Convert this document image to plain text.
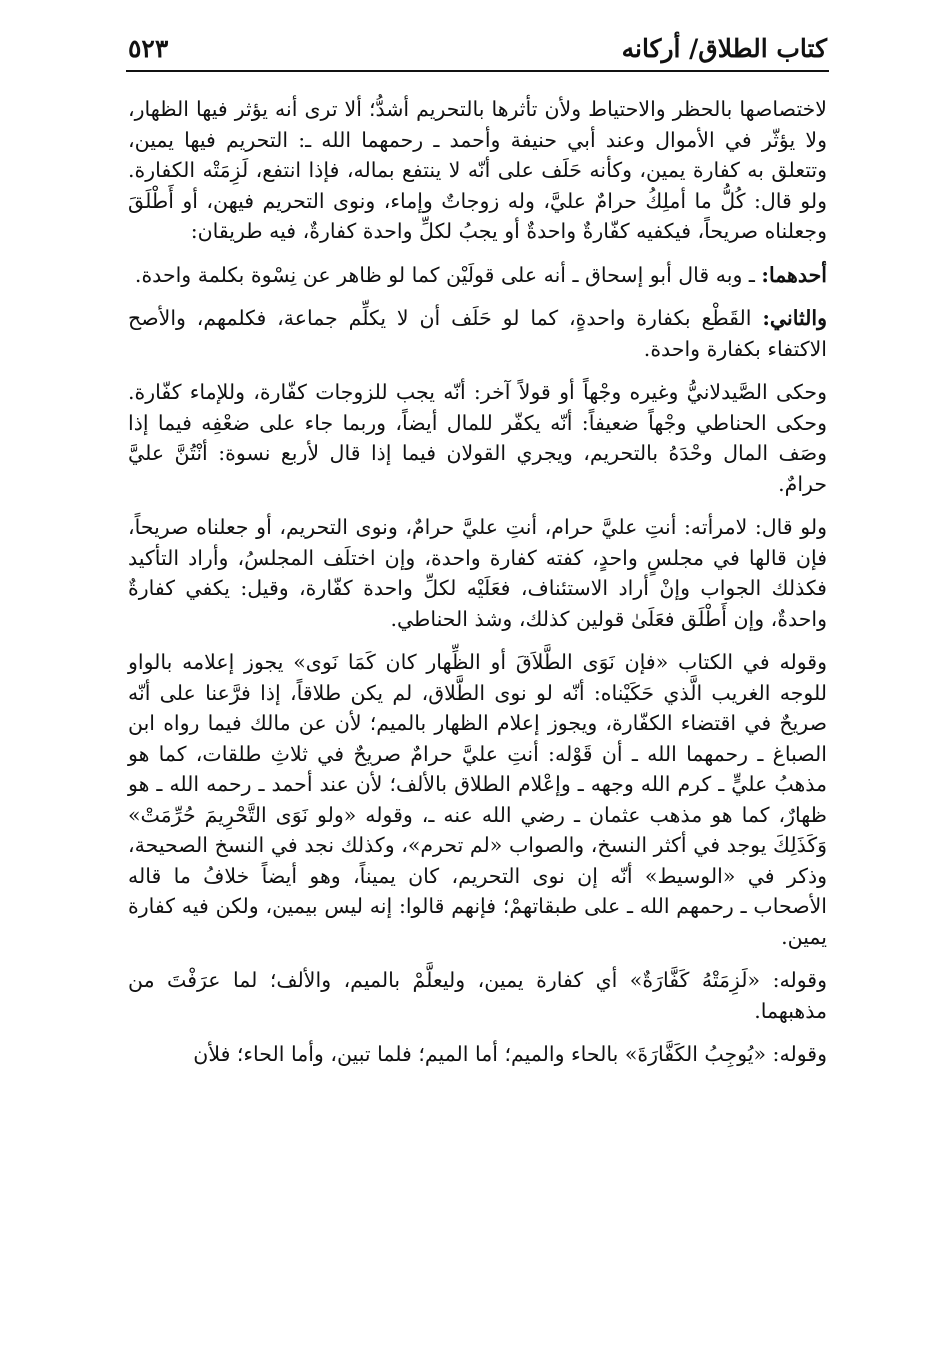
كتاب الطلاق/ أركانه
٥٢٣

لاختصاصها بالحظر والاحتياط ولأن تأثرها بالتحريم أشدُّ؛ ألا ترى أنه يؤثر فيها الظهار، ولا يؤثّر في الأموال وعند أبي حنيفة وأحمد ـ رحمهما الله ـ: التحريم فيها يمين، وتتعلق به كفارة يمين، وكأنه حَلَف على أنّه لا ينتفع بماله، فإذا انتفع، لَزِمَتْه الكفارة. ولو قال: كُلُّ ما أملِكُ حرامٌ عليَّ، وله زوجاتٌ وإماء، ونوى التحريم فيهن، أو أَطْلَقَ وجعلناه صريحاً، فيكفيه كفّارةٌ واحدةٌ أو يجبُ لكلِّ واحدة كفارةٌ، فيه طريقان:

أحدهما: ـ وبه قال أبو إسحاق ـ أنه على قولَيْن كما لو ظاهر عن نِسْوة بكلمة واحدة.

والثاني: القَطْع بكفارة واحدةٍ، كما لو حَلَف أن لا يكلِّم جماعة، فكلمهم، والأصح الاكتفاء بكفارة واحدة.

وحكى الصَّيدلانيُّ وغيره وجْهاً أو قولاً آخر: أنّه يجب للزوجات كفّارة، وللإماء كفّارة. وحكى الحناطي وجْهاً ضعيفاً: أنّه يكفّر للمال أيضاً، وربما جاء على ضعْفِه فيما إذا وصَف المال وحْدَهُ بالتحريم، ويجري القولان فيما إذا قال لأربع نسوة: أنْتُنَّ عليَّ حرامٌ.

ولو قال: لامرأته: أنتِ عليَّ حرام، أنتِ عليَّ حرامٌ، ونوى التحريم، أو جعلناه صريحاً، فإن قالها في مجلسٍ واحدٍ، كفته كفارة واحدة، وإن اختلَف المجلسُ، وأراد التأكيد فكذلك الجواب وإنْ أراد الاستئناف، فعَلَيْه لكلِّ واحدة كفّارة، وقيل: يكفي كفارةٌ واحدةٌ، وإن أَطْلَق فعَلَىٰ قولين كذلك، وشذ الحناطي.

وقوله في الكتاب «فإن نَوَى الطَّلاَقَ أو الظِّهار كان كَمَا نَوى» يجوز إعلامه بالواو للوجه الغريب الَّذي حَكَيْناه: أنّه لو نوى الطَّلاق، لم يكن طلاقاً، إذا فرَّعنا على أنّه صريحٌ في اقتضاء الكفّارة، ويجوز إعلام الظهار بالميم؛ لأن عن مالك فيما رواه ابن الصباغ ـ رحمهما الله ـ أن قَوْله: أنتِ عليَّ حرامٌ صريحٌ في ثلاثِ طلقات، كما هو مذهبُ عليٍّ ـ كرم الله وجهه ـ وإعْلام الطلاق بالألف؛ لأن عند أحمد ـ رحمه الله ـ هو ظهارٌ، كما هو مذهب عثمان ـ رضي الله عنه ـ، وقوله «ولو نَوَى التَّحْرِيمَ حُرِّمَتْ» وَكَذَلِكَ يوجد في أكثر النسخ، والصواب «لم تحرم»، وكذلك نجد في النسخ الصحيحة، وذكر في «الوسيط» أنّه إن نوى التحريم، كان يميناً، وهو أيضاً خلافُ ما قاله الأصحاب ـ رحمهم الله ـ على طبقاتهمْ؛ فإنهم قالوا: إنه ليس بيمين، ولكن فيه كفارة يمين.

وقوله: «لَزِمَتْهُ كَفَّارَةٌ» أي كفارة يمين، وليعلَّمْ بالميم، والألف؛ لما عرَفْتَ من مذهبهما.

وقوله: «يُوجِبُ الكَفَّارَةَ» بالحاء والميم؛ أما الميم؛ فلما تبين، وأما الحاء؛ فلأن
